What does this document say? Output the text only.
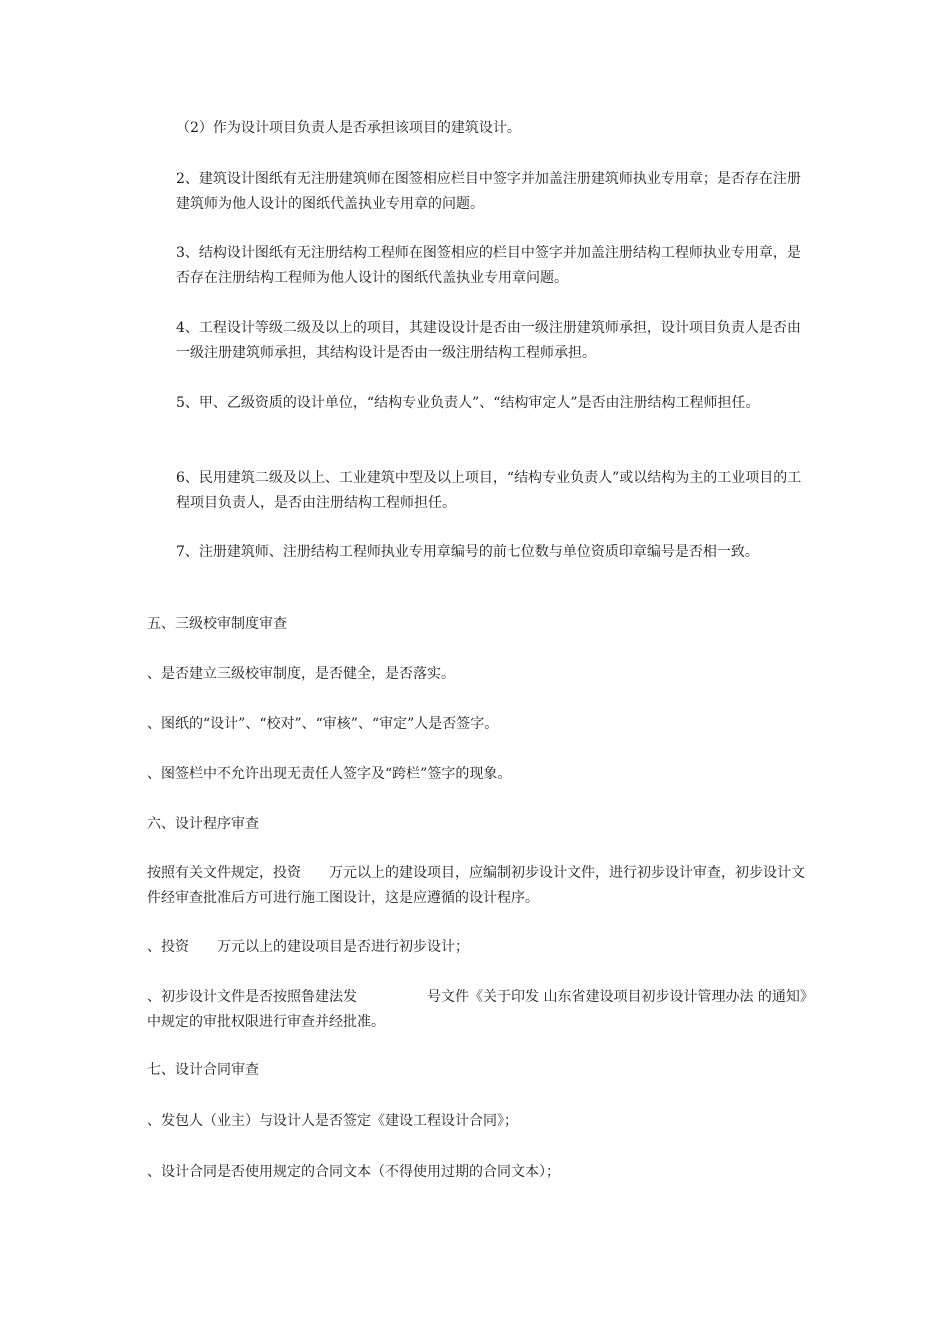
（2）作为设计项目负责人是否承担该项目的建筑设计。

2、建筑设计图纸有无注册建筑师在图签相应栏目中签字并加盖注册建筑师执业专用章；是否存在注册建筑师为他人设计的图纸代盖执业专用章的问题。

3、结构设计图纸有无注册结构工程师在图签相应的栏目中签字并加盖注册结构工程师执业专用章，是否存在注册结构工程师为他人设计的图纸代盖执业专用章问题。

4、工程设计等级二级及以上的项目，其建设设计是否由一级注册建筑师承担，设计项目负责人是否由一级注册建筑师承担，其结构设计是否由一级注册结构工程师承担。

5、甲、乙级资质的设计单位，“结构专业负责人”、“结构审定人”是否由注册结构工程师担任。

6、民用建筑二级及以上、工业建筑中型及以上项目，“结构专业负责人”或以结构为主的工业项目的工程项目负责人，是否由注册结构工程师担任。

7、注册建筑师、注册结构工程师执业专用章编号的前七位数与单位资质印章编号是否相一致。

五、三级校审制度审查

、是否建立三级校审制度，是否健全，是否落实。

、图纸的“设计”、“校对”、“审核”、“审定”人是否签字。

、图签栏中不允许出现无责任人签字及“跨栏”签字的现象。

六、设计程序审查

按照有关文件规定，投资　　万元以上的建设项目，应编制初步设计文件，进行初步设计审查，初步设计文件经审查批准后方可进行施工图设计，这是应遵循的设计程序。

、投资　　万元以上的建设项目是否进行初步设计；

、初步设计文件是否按照鲁建法发　　　　　号文件《关于印发 山东省建设项目初步设计管理办法 的通知》中规定的审批权限进行审查并经批准。

七、设计合同审查

、发包人（业主）与设计人是否签定《建设工程设计合同》；

、设计合同是否使用规定的合同文本（不得使用过期的合同文本）；
